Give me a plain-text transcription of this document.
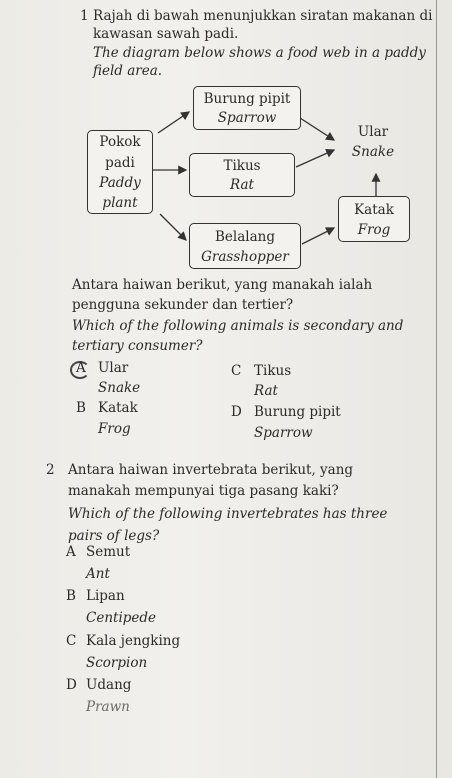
1 Rajah di bawah menunjukkan siratan makanan di
kawasan sawah padi.
The diagram below shows a food web in a paddy
field area.
Burung pipit
Sparrow
Pokok
padi
Paddy
plant
Tikus
Rat
Belalang
Grasshopper
Ular
Snake
Katak
Frog
Antara haiwan berikut, yang manakah ialah
pengguna sekunder dan tertier?
Which of the following animals is secondary and
tertiary consumer?
A Ular
Snake
B Katak
Frog
C Tikus
Rat
D Burung pipit
Sparrow
2 Antara haiwan invertebrata berikut, yang
manakah mempunyai tiga pasang kaki?
Which of the following invertebrates has three
pairs of legs?
A Semut
Ant
B Lipan
Centipede
C Kala jengking
Scorpion
D Udang
Prawn
